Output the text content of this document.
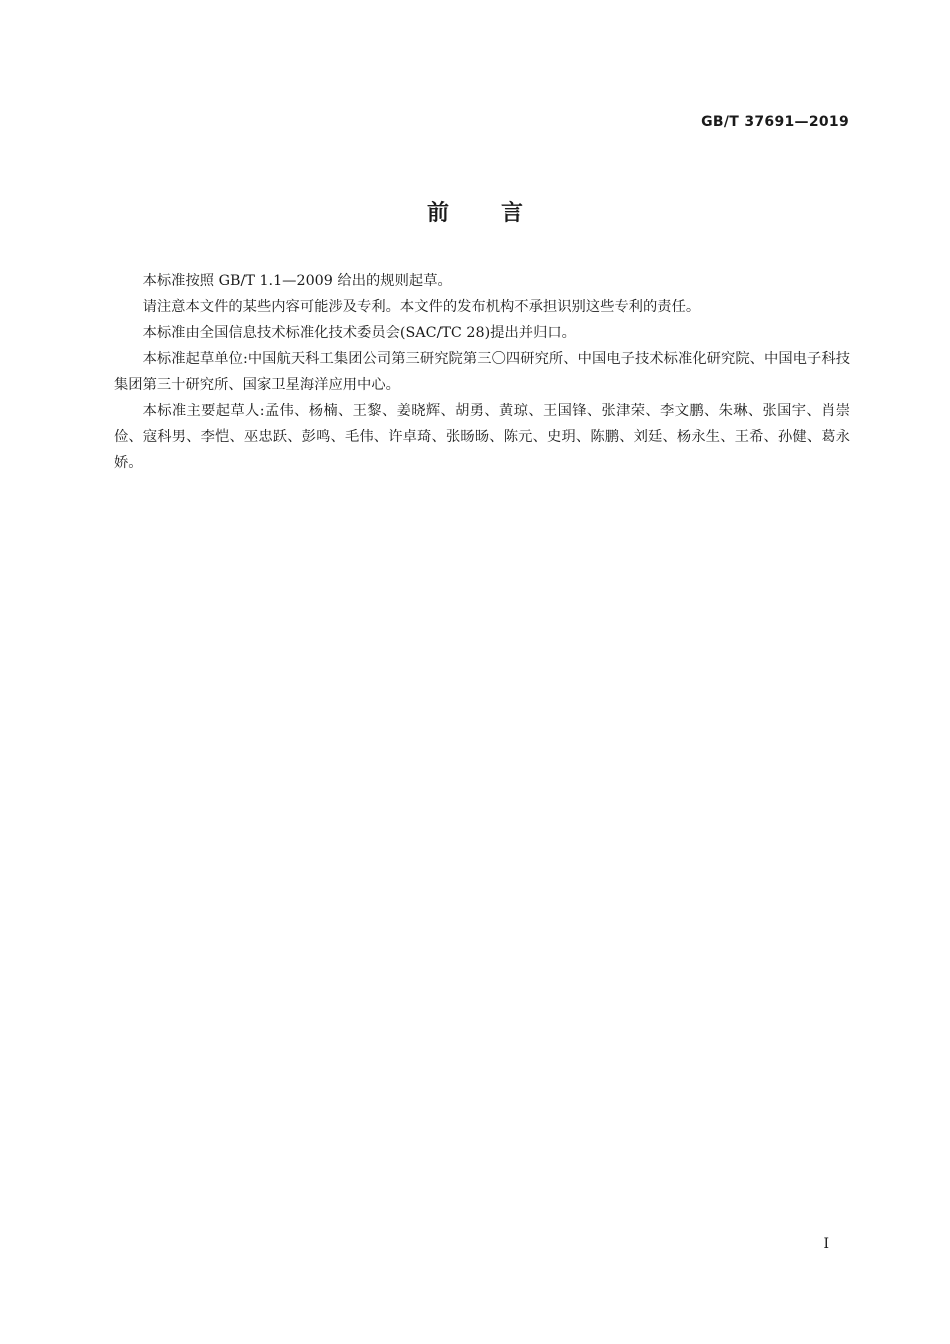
GB/T 37691—2019
前 言

本标准按照 GB/T 1.1—2009 给出的规则起草。

请注意本文件的某些内容可能涉及专利。本文件的发布机构不承担识别这些专利的责任。

本标准由全国信息技术标准化技术委员会(SAC/TC 28)提出并归口。

本标准起草单位:中国航天科工集团公司第三研究院第三〇四研究所、中国电子技术标准化研究院、中国电子科技集团第三十研究所、国家卫星海洋应用中心。

本标准主要起草人:孟伟、杨楠、王黎、姜晓辉、胡勇、黄琼、王国锋、张津荣、李文鹏、朱琳、张国宇、肖崇俭、寇科男、李恺、巫忠跃、彭鸣、毛伟、许卓琦、张旸旸、陈元、史玥、陈鹏、刘廷、杨永生、王希、孙健、葛永娇。

I
